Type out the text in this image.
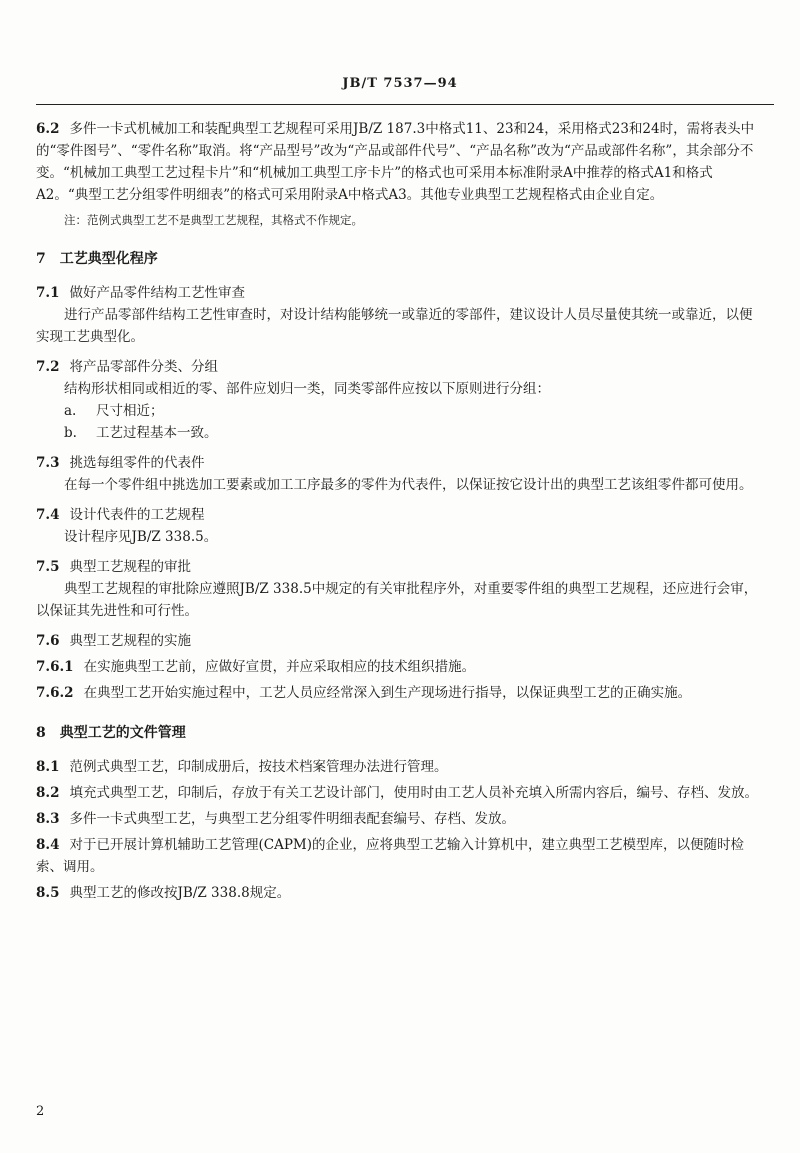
JB/T 7537—94

6.2 多件一卡式机械加工和装配典型工艺规程可采用JB/Z 187.3中格式11、23和24，采用格式23和24时，需将表头中的“零件图号”、“零件名称”取消。将“产品型号”改为“产品或部件代号”、“产品名称”改为“产品或部件名称”，其余部分不变。“机械加工典型工艺过程卡片”和“机械加工典型工序卡片”的格式也可采用本标准附录A中推荐的格式A1和格式A2。“典型工艺分组零件明细表”的格式可采用附录A中格式A3。其他专业典型工艺规程格式由企业自定。

注：范例式典型工艺不是典型工艺规程，其格式不作规定。

7 工艺典型化程序

7.1 做好产品零件结构工艺性审查

进行产品零部件结构工艺性审查时，对设计结构能够统一或靠近的零部件，建议设计人员尽量使其统一或靠近，以便实现工艺典型化。

7.2 将产品零部件分类、分组

结构形状相同或相近的零、部件应划归一类，同类零部件应按以下原则进行分组：

a. 尺寸相近；

b. 工艺过程基本一致。

7.3 挑选每组零件的代表件

在每一个零件组中挑选加工要素或加工工序最多的零件为代表件，以保证按它设计出的典型工艺该组零件都可使用。

7.4 设计代表件的工艺规程

设计程序见JB/Z 338.5。

7.5 典型工艺规程的审批

典型工艺规程的审批除应遵照JB/Z 338.5中规定的有关审批程序外，对重要零件组的典型工艺规程，还应进行会审，以保证其先进性和可行性。

7.6 典型工艺规程的实施

7.6.1 在实施典型工艺前，应做好宣贯，并应采取相应的技术组织措施。

7.6.2 在典型工艺开始实施过程中，工艺人员应经常深入到生产现场进行指导，以保证典型工艺的正确实施。

8 典型工艺的文件管理

8.1 范例式典型工艺，印制成册后，按技术档案管理办法进行管理。

8.2 填充式典型工艺，印制后，存放于有关工艺设计部门，使用时由工艺人员补充填入所需内容后，编号、存档、发放。

8.3 多件一卡式典型工艺，与典型工艺分组零件明细表配套编号、存档、发放。

8.4 对于已开展计算机辅助工艺管理(CAPM)的企业，应将典型工艺输入计算机中，建立典型工艺模型库，以便随时检索、调用。

8.5 典型工艺的修改按JB/Z 338.8规定。

2
